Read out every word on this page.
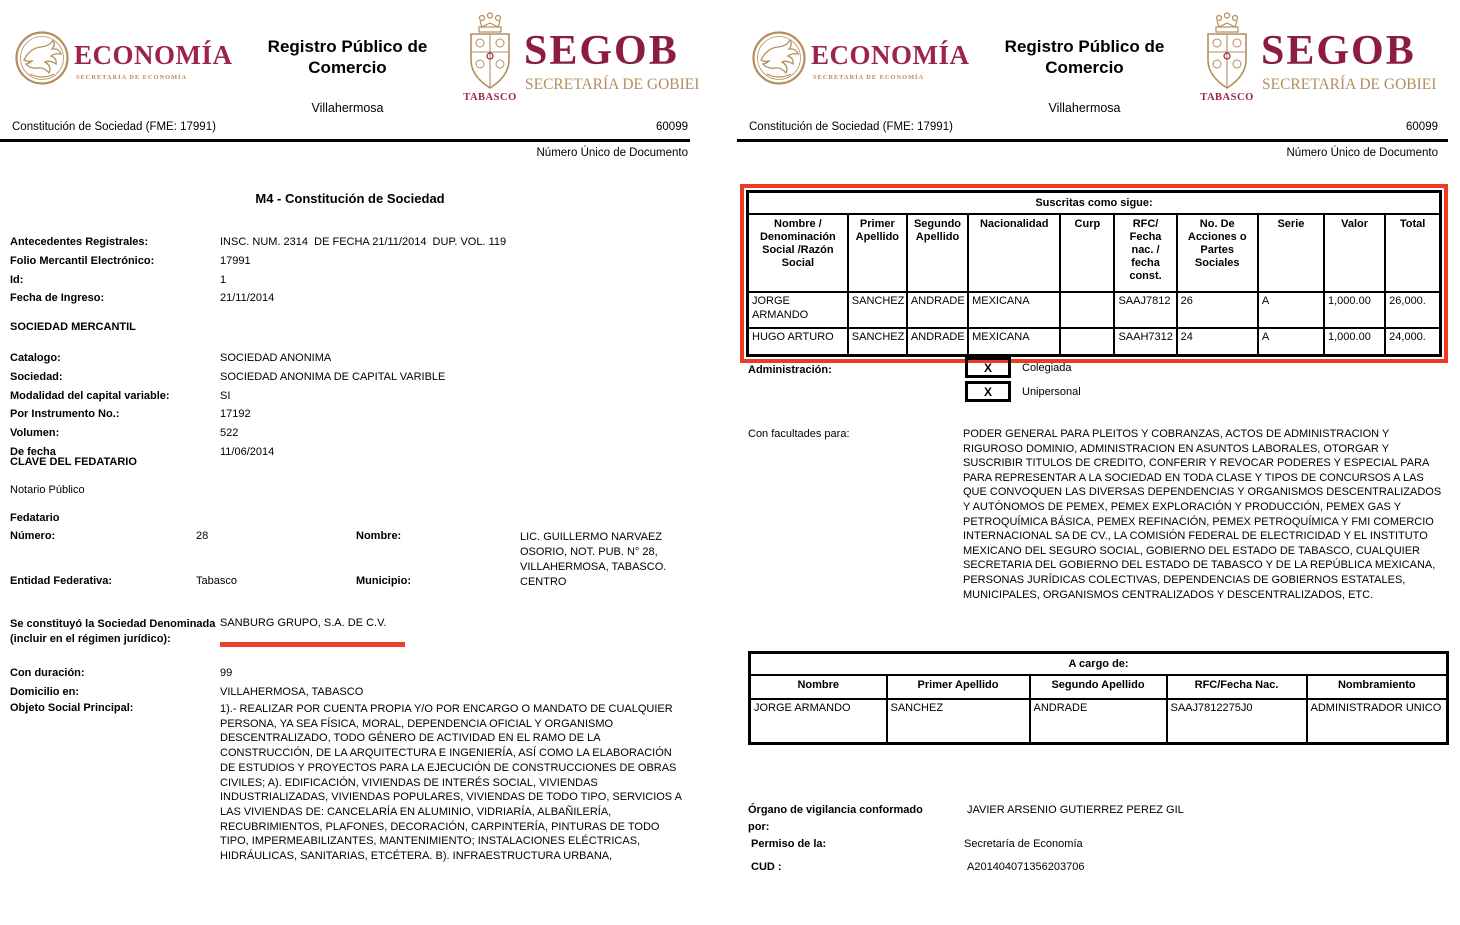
ECONOMÍA
SECRETARÍA DE ECONOMÍA
Registro Público de
Comercio
Villahermosa
TABASCO
SEGOB
SECRETARÍA DE GOBIEI
Constitución de Sociedad (FME: 17991)	60099
Número Único de Documento
M4 - Constitución de Sociedad
Antecedentes Registrales:	INSC. NUM. 2314  DE FECHA 21/11/2014  DUP. VOL. 119
Folio Mercantil Electrónico:	17991
Id:	1
Fecha de Ingreso:	21/11/2014
SOCIEDAD MERCANTIL
Catalogo:	SOCIEDAD ANONIMA
Sociedad:	SOCIEDAD ANONIMA DE CAPITAL VARIBLE
Modalidad del capital variable:	SI
Por Instrumento No.:	17192
Volumen:	522
De fecha	11/06/2014
CLAVE DEL FEDATARIO
Notario Público
Fedatario
Número:	28	Nombre:	LIC. GUILLERMO NARVAEZ OSORIO, NOT. PUB. N° 28, VILLAHERMOSA, TABASCO.
Entidad Federativa:	Tabasco	Municipio:	CENTRO
Se constituyó la Sociedad Denominada (incluir en el régimen jurídico):
SANBURG GRUPO, S.A. DE C.V.
Con duración:	99
Domicilio en:	VILLAHERMOSA, TABASCO
Objeto Social Principal:	1).- REALIZAR POR CUENTA PROPIA Y/O POR ENCARGO O MANDATO DE CUALQUIER PERSONA, YA SEA FÍSICA, MORAL, DEPENDENCIA OFICIAL Y ORGANISMO DESCENTRALIZADO, TODO GÉNERO DE ACTIVIDAD EN EL RAMO DE LA CONSTRUCCIÓN, DE LA ARQUITECTURA E INGENIERÍA, ASÍ COMO LA ELABORACIÓN DE ESTUDIOS Y PROYECTOS PARA LA EJECUCIÓN DE CONSTRUCCIONES DE OBRAS CIVILES; A). EDIFICACIÓN, VIVIENDAS DE INTERÉS SOCIAL, VIVIENDAS INDUSTRIALIZADAS, VIVIENDAS POPULARES, VIVIENDAS DE TODO TIPO, SERVICIOS A LAS VIVIENDAS DE: CANCELARÍA EN ALUMINIO, VIDRIARÍA, ALBAÑILERÍA, RECUBRIMIENTOS, PLAFONES, DECORACIÓN, CARPINTERÍA, PINTURAS DE TODO TIPO, IMPERMEABILIZANTES, MANTENIMIENTO; INSTALACIONES ELÉCTRICAS, HIDRÁULICAS, SANITARIAS, ETCÉTERA. B). INFRAESTRUCTURA URBANA,
ECONOMÍA
SECRETARÍA DE ECONOMÍA
Registro Público de
Comercio
Villahermosa
TABASCO
SEGOB
SECRETARÍA DE GOBIEI
Constitución de Sociedad (FME: 17991)	60099
Número Único de Documento
Suscritas como sigue:									
Nombre / Denominación Social /Razón Social	Primer Apellido	Segundo Apellido	Nacionalidad	Curp	RFC/ Fecha nac. / fecha const.	No. De Acciones o Partes Sociales	Serie	Valor	Total
JORGE ARMANDO	SANCHEZ	ANDRADE	MEXICANA		SAAJ7812	26	A	1,000.00	26,000.
HUGO ARTURO	SANCHEZ	ANDRADE	MEXICANA		SAAH7312	24	A	1,000.00	24,000.
Administración:	X	Colegiada
X	Unipersonal
Con facultades para:	PODER GENERAL PARA PLEITOS Y COBRANZAS, ACTOS DE ADMINISTRACION Y RIGUROSO DOMINIO, ADMINISTRACION EN ASUNTOS LABORALES, OTORGAR Y SUSCRIBIR TITULOS DE CREDITO, CONFERIR Y REVOCAR PODERES Y ESPECIAL PARA PARA REPRESENTAR A LA SOCIEDAD EN TODA CLASE Y TIPOS DE CONCURSOS A LAS QUE CONVOQUEN LAS DIVERSAS DEPENDENCIAS Y ORGANISMOS DESCENTRALIZADOS Y AUTÓNOMOS DE PEMEX, PEMEX EXPLORACIÓN Y PRODUCCIÓN, PEMEX GAS Y PETROQUÍMICA BÁSICA, PEMEX REFINACIÓN, PEMEX PETROQUÍMICA Y FMI COMERCIO INTERNACIONAL SA DE CV., LA COMISIÓN FEDERAL DE ELECTRICIDAD Y EL INSTITUTO MEXICANO DEL SEGURO SOCIAL, GOBIERNO DEL ESTADO DE TABASCO, CUALQUIER SECRETARIA DEL GOBIERNO DEL ESTADO DE TABASCO Y DE LA REPÚBLICA MEXICANA, PERSONAS JURÍDICAS COLECTIVAS, DEPENDENCIAS DE GOBIERNOS ESTATALES, MUNICIPALES, ORGANISMOS CENTRALIZADOS Y DESCENTRALIZADOS, ETC.
A cargo de:				
Nombre	Primer Apellido	Segundo Apellido	RFC/Fecha Nac.	Nombramiento
JORGE ARMANDO	SANCHEZ	ANDRADE	SAAJ7812275J0	ADMINISTRADOR UNICO
Órgano de vigilancia conformado por:
JAVIER ARSENIO GUTIERREZ PEREZ GIL
Permiso de la:	Secretaría de Economía
CUD :	A201404071356203706
